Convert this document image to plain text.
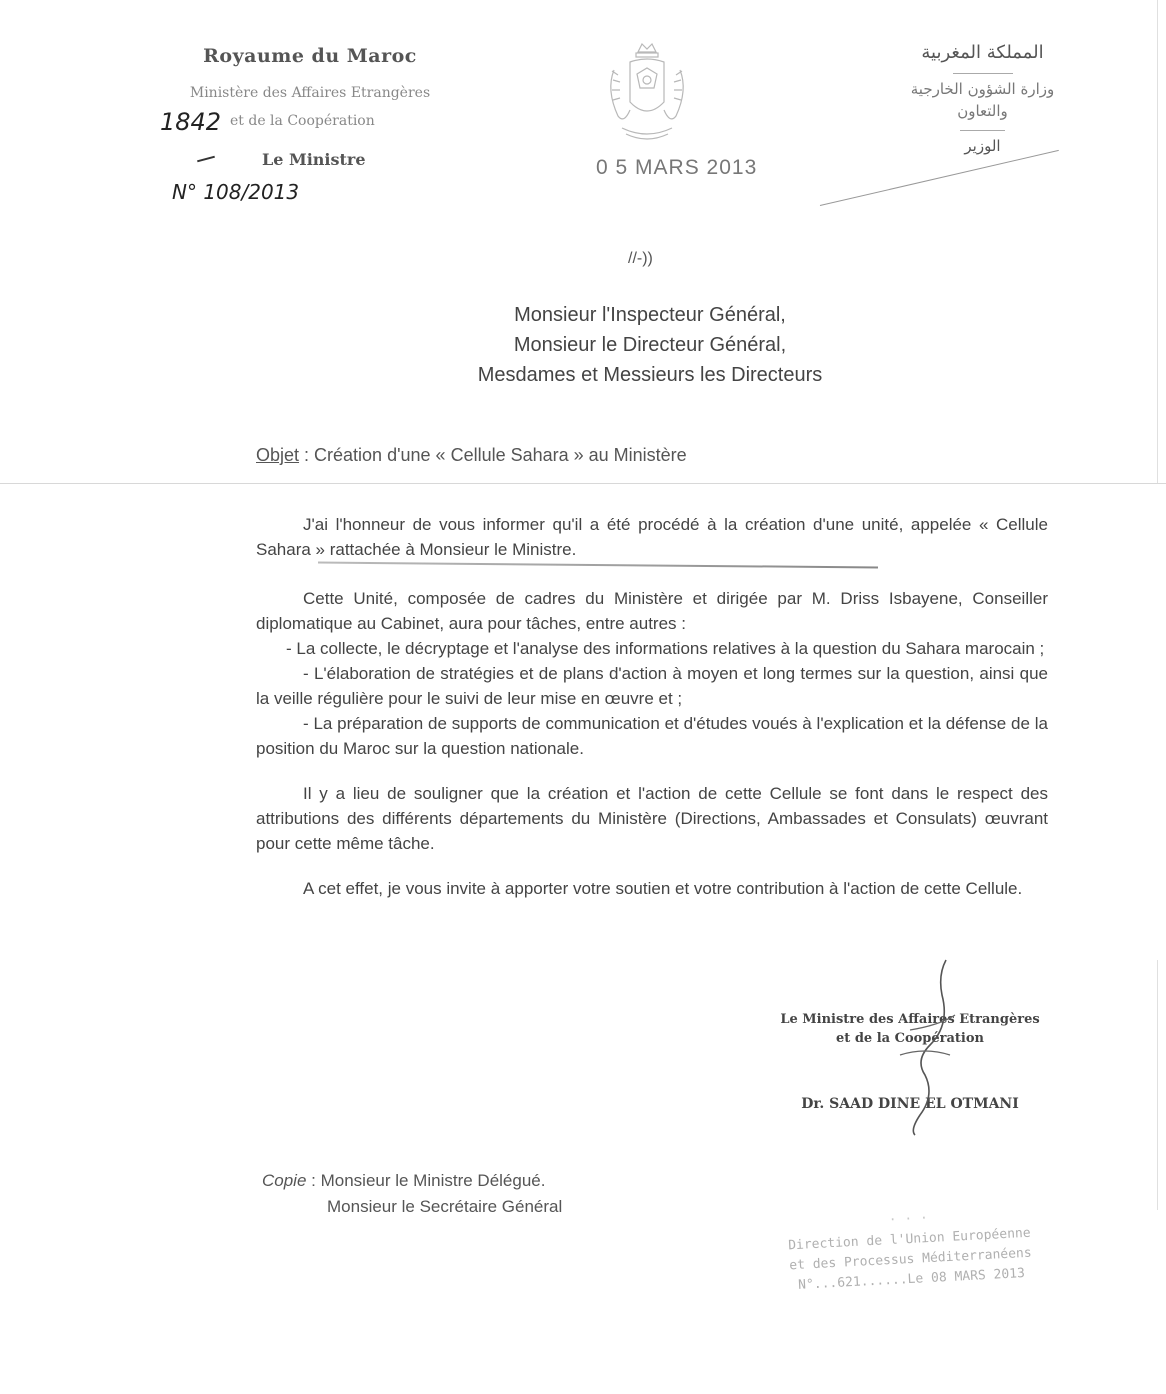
Royaume du Maroc
Ministère des Affaires Etrangères
1842 et de la Coopération
Le Ministre
N° 108/2013
0 5 MARS 2013
المملكة المغربية
وزارة الشؤون الخارجية
والتعاون
الوزير
//-))
Monsieur l'Inspecteur Général,
Monsieur le Directeur Général,
Mesdames et Messieurs les Directeurs
Objet : Création d'une « Cellule Sahara » au Ministère

J'ai l'honneur de vous informer qu'il a été procédé à la création d'une unité, appelée « Cellule Sahara » rattachée à Monsieur le Ministre.

Cette Unité, composée de cadres du Ministère et dirigée par M. Driss Isbayene, Conseiller diplomatique au Cabinet, aura pour tâches, entre autres :

- La collecte, le décryptage et l'analyse des informations relatives à la question du Sahara marocain ;

- L'élaboration de stratégies et de plans d'action à moyen et long termes sur la question, ainsi que la veille régulière pour le suivi de leur mise en œuvre et ;

- La préparation de supports de communication et d'études voués à l'explication et la défense de la position du Maroc sur la question nationale.

Il y a lieu de souligner que la création et l'action de cette Cellule se font dans le respect des attributions des différents départements du Ministère (Directions, Ambassades et Consulats) œuvrant pour cette même tâche.

A cet effet, je vous invite à apporter votre soutien et votre contribution à l'action de cette Cellule.

Le Ministre des Affaires Etrangères
et de la Coopération
Dr. SAAD DINE EL OTMANI
Copie : Monsieur le Ministre Délégué.
Monsieur le Secrétaire Général
⋅ ⋅ ⋅
Direction de l'Union Européenne
et des Processus Méditerranéens
N°...621......Le 08 MARS 2013
